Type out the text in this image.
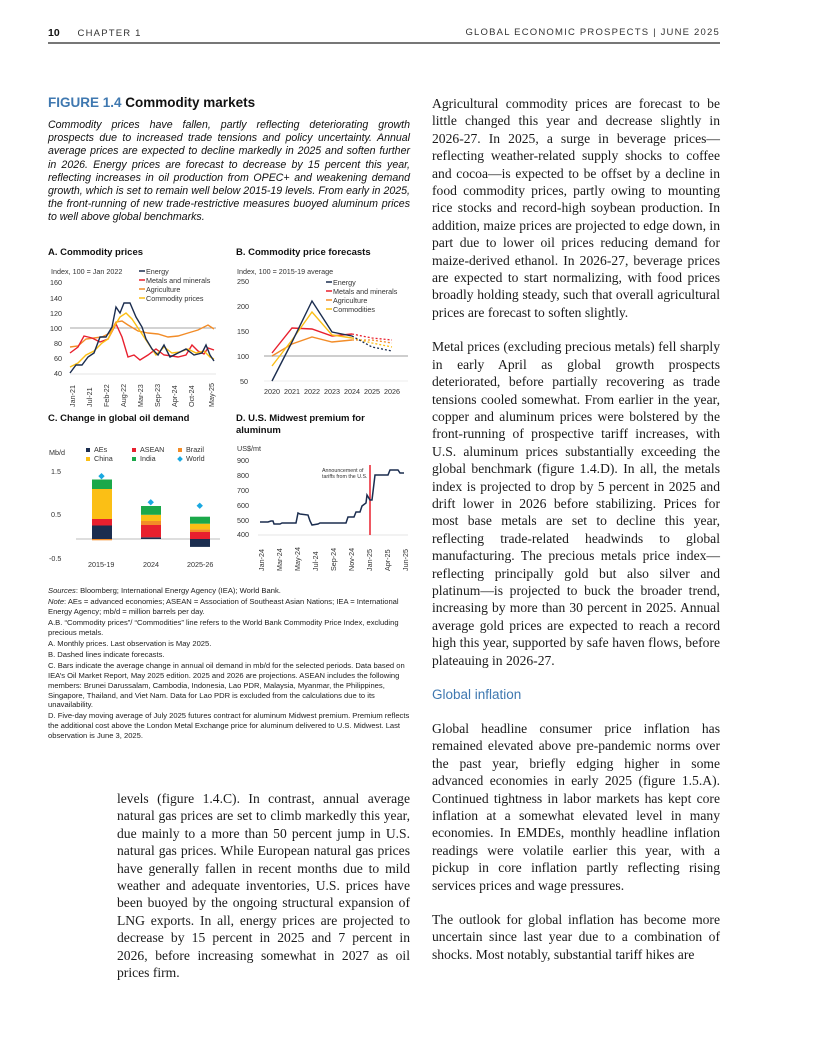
10 CHAPTER 1	GLOBAL ECONOMIC PROSPECTS | JUNE 2025
FIGURE 1.4 Commodity markets
Commodity prices have fallen, partly reflecting deteriorating growth prospects due to increased trade tensions and policy uncertainty. Annual average prices are expected to decline markedly in 2025 and soften further in 2026. Energy prices are forecast to decrease by 15 percent this year, reflecting increases in oil production from OPEC+ and weakening demand growth, which is set to remain well below 2015-19 levels. From early in 2025, the front-running of new trade-restrictive measures buoyed aluminum prices to well above global benchmarks.
A. Commodity prices
Index, 100 = Jan 2022
160
140
120
100
80
60
40
Energy
Metals and minerals
Agriculture
Commodity prices
Jan-21 Jul-21 Feb-22 Aug-22 Mar-23 Sep-23 Apr-24 Oct-24 May-25
B. Commodity price forecasts
Index, 100 = 2015-19 average
250
200
150
100
50
Energy
Metals and minerals
Agriculture
Commodities
2020 2021 2022 2023 2024 2025 2026
C. Change in global oil demand
Mb/d	AEs
China
ASEAN
India
Brazil
World
1.5
0.5
-0.5
2015-19	2024	2025-26
D. U.S. Midwest premium for aluminum
US$/mt
900
800
700
600
500
400
Announcement of
tariffs from the U.S.
Jan-24 Mar-24 May-24 Jul-24 Sep-24 Nov-24 Jan-25 Apr-25 Jun-25

Sources: Bloomberg; International Energy Agency (IEA); World Bank.

Note: AEs = advanced economies; ASEAN = Association of Southeast Asian Nations; IEA = International Energy Agency; mb/d = million barrels per day.

A.B. “Commodity prices”/ “Commodities” line refers to the World Bank Commodity Price Index, excluding precious metals.

A. Monthly prices. Last observation is May 2025.

B. Dashed lines indicate forecasts.

C. Bars indicate the average change in annual oil demand in mb/d for the selected periods. Data based on IEA’s Oil Market Report, May 2025 edition. 2025 and 2026 are projections. ASEAN includes the following members: Brunei Darussalam, Cambodia, Indonesia, Lao PDR, Malaysia, Myanmar, the Philippines, Singapore, Thailand, and Viet Nam. Data for Lao PDR is excluded from the calculations due to its unavailability.

D. Five-day moving average of July 2025 futures contract for aluminum Midwest premium. Premium reflects the additional cost above the London Metal Exchange price for aluminum delivered to U.S. Midwest. Last observation is June 3, 2025.

levels (figure 1.4.C). In contrast, annual average natural gas prices are set to climb markedly this year, due mainly to a more than 50 percent jump in U.S. natural gas prices. While European natural gas prices have generally fallen in recent months due to mild weather and adequate inventories, U.S. prices have been buoyed by the ongoing structural expansion of LNG exports. In all, energy prices are projected to decrease by 15 percent in 2025 and 7 percent in 2026, before increasing somewhat in 2027 as oil prices firm.

Agricultural commodity prices are forecast to be little changed this year and decrease slightly in 2026-27. In 2025, a surge in beverage prices—reflecting weather-related supply shocks to coffee and cocoa—is expected to be offset by a decline in food commodity prices, partly owing to mounting rice stocks and record-high soybean production. In addition, maize prices are projected to edge down, in part due to lower oil prices reducing demand for maize-derived ethanol. In 2026-27, beverage prices are expected to start normalizing, with food prices broadly holding steady, such that overall agricultural prices are forecast to soften slightly.

Metal prices (excluding precious metals) fell sharply in early April as global growth prospects deteriorated, before partially recovering as trade tensions cooled somewhat. From earlier in the year, copper and aluminum prices were bolstered by the front-running of prospective tariff increases, with U.S. aluminum prices substantially exceeding the global benchmark (figure 1.4.D). In all, the metals index is projected to drop by 5 percent in 2025 and drift lower in 2026 before stabilizing. Prices for most base metals are set to decline this year, reflecting trade-related headwinds to global manufacturing. The precious metals price index—reflecting principally gold but also silver and platinum—is projected to buck the broader trend, increasing by more than 30 percent in 2025. Annual average gold prices are expected to reach a record high this year, supported by safe haven flows, before plateauing in 2026-27.

Global inflation

Global headline consumer price inflation has remained elevated above pre-pandemic norms over the past year, briefly edging higher in some advanced economies in early 2025 (figure 1.5.A). Continued tightness in labor markets has kept core inflation at a somewhat elevated level in many economies. In EMDEs, monthly headline inflation readings were volatile earlier this year, with a pickup in core inflation partly reflecting rising services prices and wage pressures.

The outlook for global inflation has become more uncertain since last year due to a combination of shocks. Most notably, substantial tariff hikes are
